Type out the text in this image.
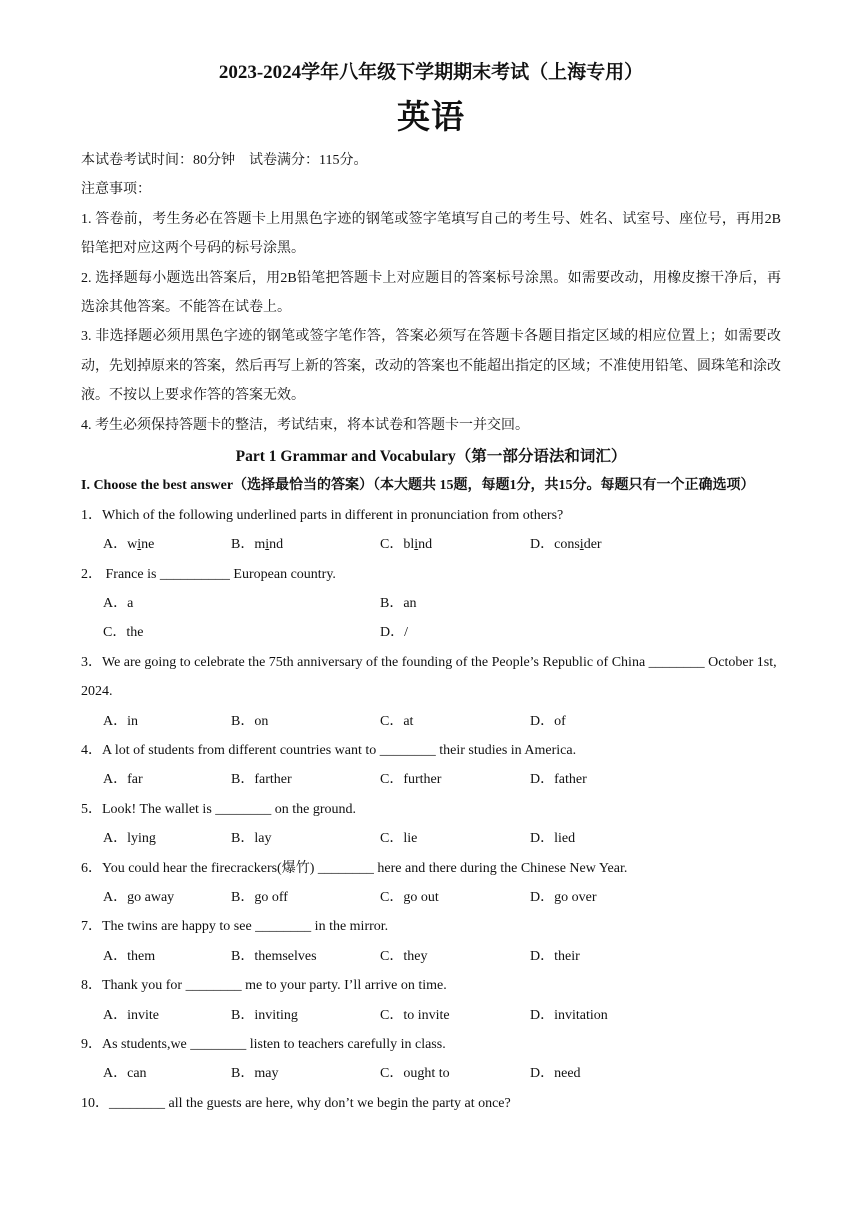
2023-2024学年八年级下学期期末考试（上海专用）
英语
本试卷考试时间：80分钟　试卷满分：115分。
注意事项：
1. 答卷前，考生务必在答题卡上用黑色字迹的钢笔或签字笔填写自己的考生号、姓名、试室号、座位号，再用2B铅笔把对应这两个号码的标号涂黑。
2. 选择题每小题选出答案后，用2B铅笔把答题卡上对应题目的答案标号涂黑。如需要改动，用橡皮擦干净后，再选涂其他答案。不能答在试卷上。
3. 非选择题必须用黑色字迹的钢笔或签字笔作答，答案必须写在答题卡各题目指定区域的相应位置上；如需要改动，先划掉原来的答案，然后再写上新的答案，改动的答案也不能超出指定的区域；不准使用铅笔、圆珠笔和涂改液。不按以上要求作答的答案无效。
4. 考生必须保持答题卡的整洁，考试结束，将本试卷和答题卡一并交回。
Part 1 Grammar and Vocabulary（第一部分语法和词汇）
I. Choose the best answer（选择最恰当的答案）（本大题共 15题，每题1分，共15分。每题只有一个正确选项）
1．Which of the following underlined parts in different in pronunciation from others?
A．wine	B．mind	C．blind	D．consider
2． France is __________ European country.
A．a	B．an
C．the	D．/
3．We are going to celebrate the 75th anniversary of the founding of the People’s Republic of China ________ October 1st, 2024.
A．in	B．on	C．at	D．of
4．A lot of students from different countries want to ________ their studies in America.
A．far	B．farther	C．further	D．father
5．Look! The wallet is ________ on the ground.
A．lying	B．lay	C．lie	D．lied
6．You could hear the firecrackers(爆竹) ________ here and there during the Chinese New Year.
A．go away	B．go off	C．go out	D．go over
7．The twins are happy to see ________ in the mirror.
A．them	B．themselves	C．they	D．their
8．Thank you for ________ me to your party. I’ll arrive on time.
A．invite	B．inviting	C．to invite	D．invitation
9．As students,we ________ listen to teachers carefully in class.
A．can	B．may	C．ought to	D．need
10．________ all the guests are here, why don’t we begin the party at once?
